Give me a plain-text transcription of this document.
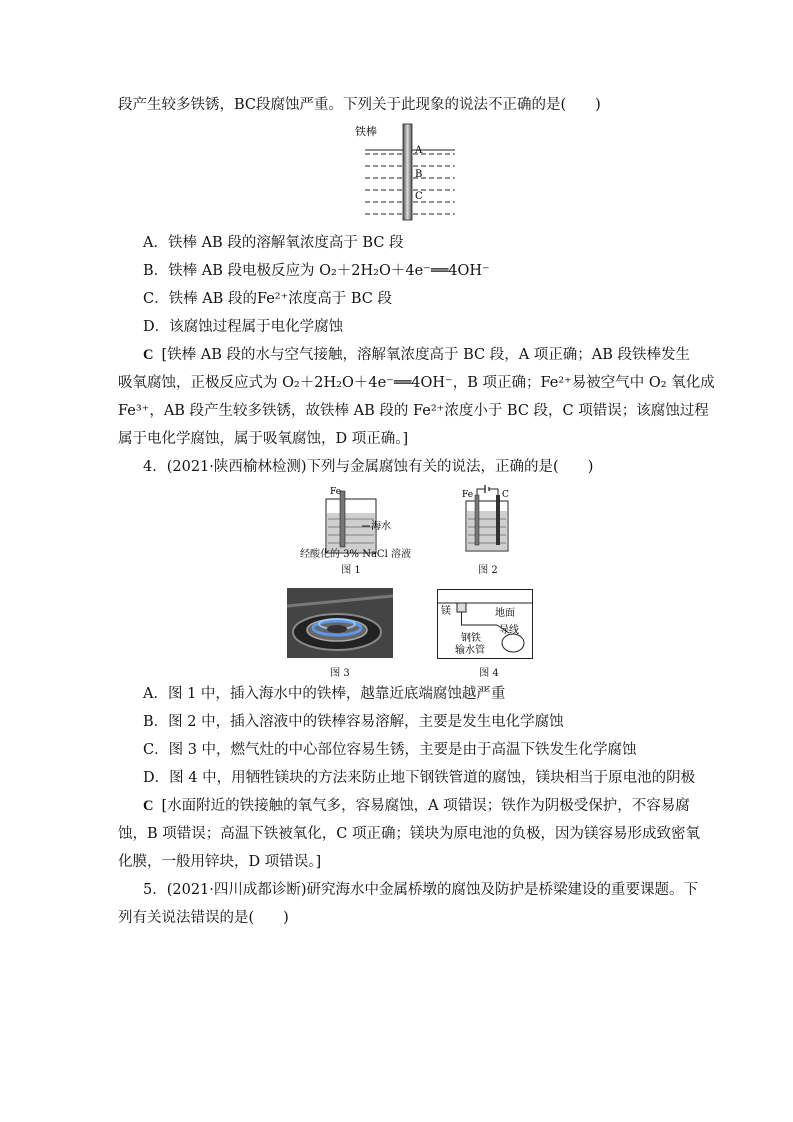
段产生较多铁锈，BC段腐蚀严重。下列关于此现象的说法不正确的是(　　)
铁棒
A
B
C
A．铁棒 AB 段的溶解氧浓度高于 BC 段
B．铁棒 AB 段电极反应为 O₂＋2H₂O＋4e⁻══4OH⁻
C．铁棒 AB 段的Fe²⁺浓度高于 BC 段
D．该腐蚀过程属于电化学腐蚀
C [铁棒 AB 段的水与空气接触，溶解氧浓度高于 BC 段，A 项正确；AB 段铁棒发生
吸氧腐蚀，正极反应式为 O₂＋2H₂O＋4e⁻══4OH⁻，B 项正确；Fe²⁺易被空气中 O₂ 氧化成
Fe³⁺，AB 段产生较多铁锈，故铁棒 AB 段的 Fe²⁺浓度小于 BC 段，C 项错误；该腐蚀过程
属于电化学腐蚀，属于吸氧腐蚀，D 项正确。]
4．(2021·陕西榆林检测)下列与金属腐蚀有关的说法，正确的是(　　)
Fe
海水
经酸化的 3% NaCl 溶液
图 1
Fe	C
图 2
图 3
镁	地面
导线
钢铁
输水管
图 4
A．图 1 中，插入海水中的铁棒，越靠近底端腐蚀越严重
B．图 2 中，插入溶液中的铁棒容易溶解，主要是发生电化学腐蚀
C．图 3 中，燃气灶的中心部位容易生锈，主要是由于高温下铁发生化学腐蚀
D．图 4 中，用牺牲镁块的方法来防止地下钢铁管道的腐蚀，镁块相当于原电池的阴极
C [水面附近的铁接触的氧气多，容易腐蚀，A 项错误；铁作为阴极受保护，不容易腐
蚀，B 项错误；高温下铁被氧化，C 项正确；镁块为原电池的负极，因为镁容易形成致密氧
化膜，一般用锌块，D 项错误。]
5．(2021·四川成都诊断)研究海水中金属桥墩的腐蚀及防护是桥梁建设的重要课题。下
列有关说法错误的是(　　)
